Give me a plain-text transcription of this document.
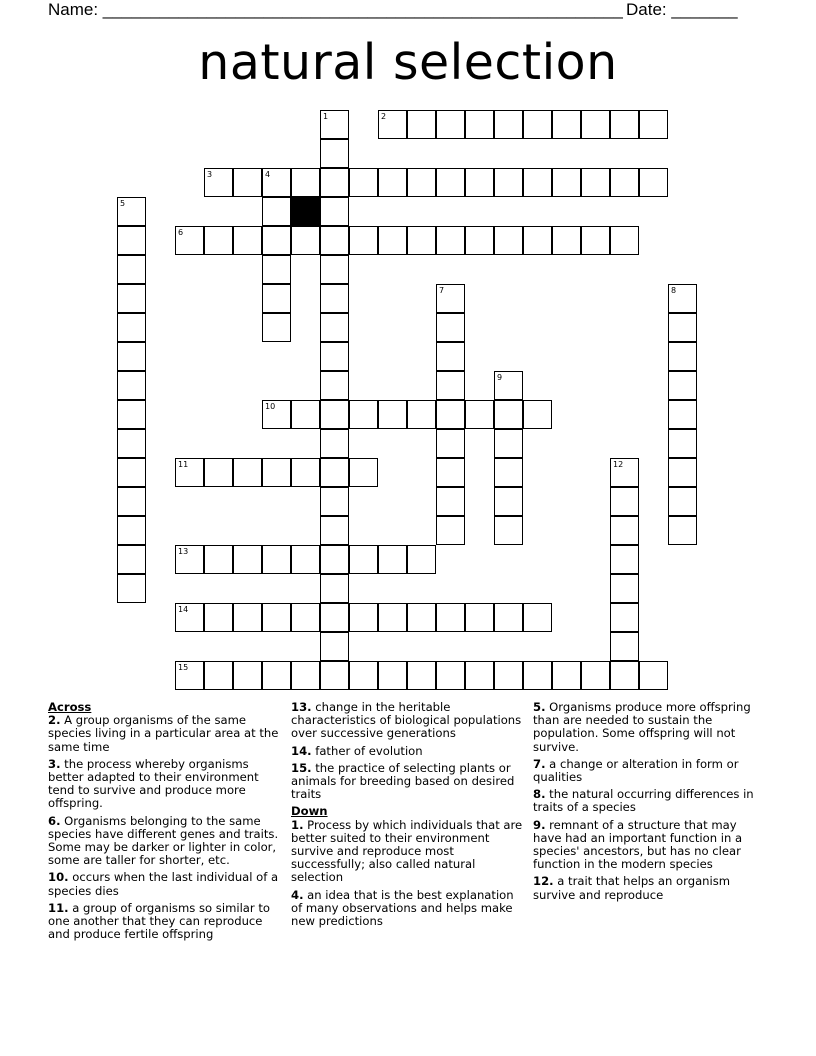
Name: _______________________________________________________ Date: _______
natural selection
2
3	4
6
10
11
13
14
15
1
5
7	8
9
12
Across
2. A group organisms of the same species living in a particular area at the same time
3. the process whereby organisms better adapted to their environment tend to survive and produce more offspring.
6. Organisms belonging to the same species have different genes and traits. Some may be darker or lighter in color, some are taller for shorter, etc.
10. occurs when the last individual of a species dies
11. a group of organisms so similar to one another that they can reproduce and produce fertile offspring
13. change in the heritable characteristics of biological populations over successive generations
14. father of evolution
15. the practice of selecting plants or animals for breeding based on desired traits
Down
1. Process by which individuals that are better suited to their environment survive and reproduce most successfully; also called natural selection
4. an idea that is the best explanation of many observations and helps make new predictions
5. Organisms produce more offspring than are needed to sustain the population. Some offspring will not survive.
7. a change or alteration in form or qualities
8. the natural occurring differences in traits of a species
9. remnant of a structure that may have had an important function in a species' ancestors, but has no clear function in the modern species
12. a trait that helps an organism survive and reproduce
